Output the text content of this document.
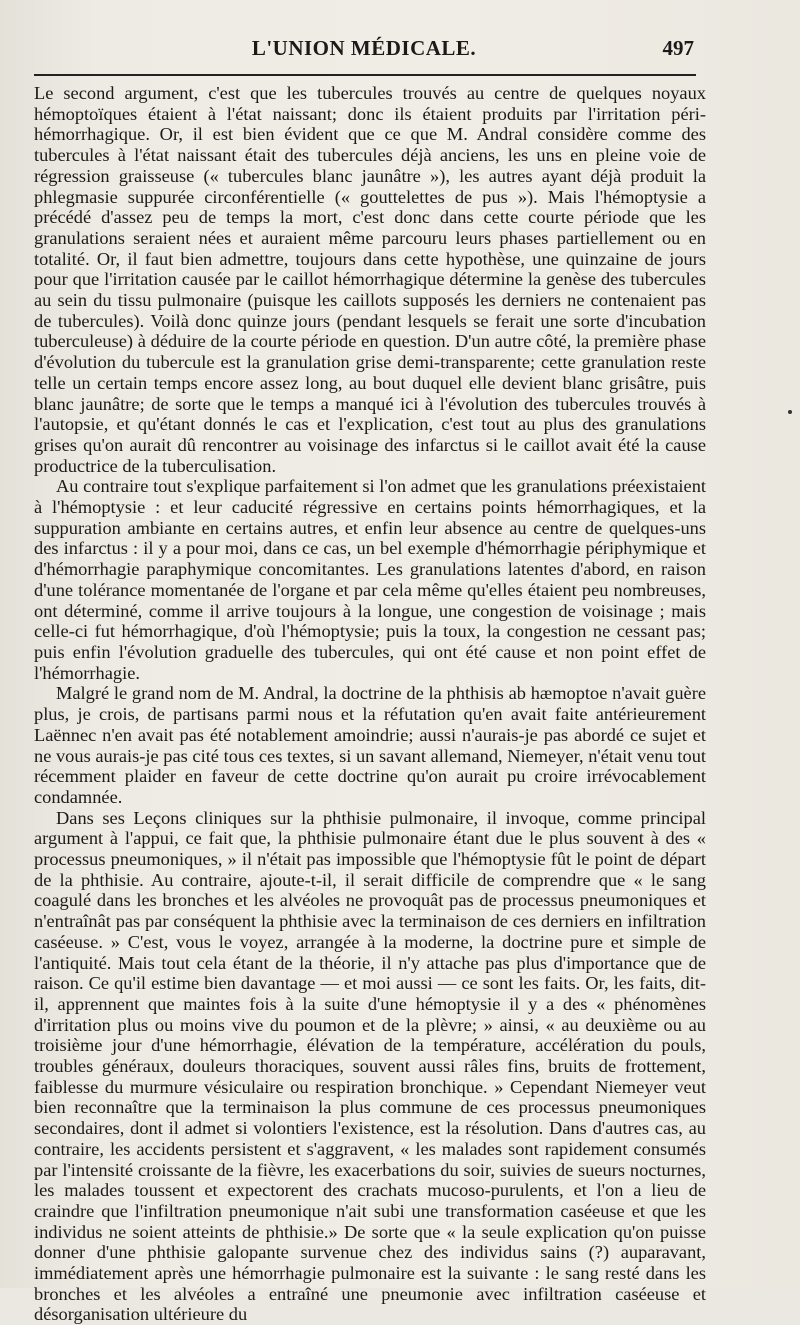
L'UNION MÉDICALE.	497

Le second argument, c'est que les tubercules trouvés au centre de quelques noyaux hémoptoïques étaient à l'état naissant; donc ils étaient produits par l'irritation péri-hémorrhagique. Or, il est bien évident que ce que M. Andral considère comme des tubercules à l'état naissant était des tubercules déjà anciens, les uns en pleine voie de régression graisseuse (« tubercules blanc jaunâtre »), les autres ayant déjà produit la phlegmasie suppurée circonférentielle (« gouttelettes de pus »). Mais l'hémoptysie a précédé d'assez peu de temps la mort, c'est donc dans cette courte période que les granulations seraient nées et auraient même parcouru leurs phases partiellement ou en totalité. Or, il faut bien admettre, toujours dans cette hypothèse, une quinzaine de jours pour que l'irritation causée par le caillot hémorrhagique détermine la genèse des tubercules au sein du tissu pulmonaire (puisque les caillots supposés les derniers ne contenaient pas de tubercules). Voilà donc quinze jours (pendant lesquels se ferait une sorte d'incubation tuberculeuse) à déduire de la courte période en question. D'un autre côté, la première phase d'évolution du tubercule est la granulation grise demi-transparente; cette granulation reste telle un certain temps encore assez long, au bout duquel elle devient blanc grisâtre, puis blanc jaunâtre; de sorte que le temps a manqué ici à l'évolution des tubercules trouvés à l'autopsie, et qu'étant donnés le cas et l'explication, c'est tout au plus des granulations grises qu'on aurait dû rencontrer au voisinage des infarctus si le caillot avait été la cause productrice de la tuberculisation.

Au contraire tout s'explique parfaitement si l'on admet que les granulations préexistaient à l'hémoptysie : et leur caducité régressive en certains points hémorrhagiques, et la suppuration ambiante en certains autres, et enfin leur absence au centre de quelques-uns des infarctus : il y a pour moi, dans ce cas, un bel exemple d'hémorrhagie périphymique et d'hémorrhagie paraphymique concomitantes. Les granulations latentes d'abord, en raison d'une tolérance momentanée de l'organe et par cela même qu'elles étaient peu nombreuses, ont déterminé, comme il arrive toujours à la longue, une congestion de voisinage ; mais celle-ci fut hémorrhagique, d'où l'hémoptysie; puis la toux, la congestion ne cessant pas; puis enfin l'évolution graduelle des tubercules, qui ont été cause et non point effet de l'hémorrhagie.

Malgré le grand nom de M. Andral, la doctrine de la phthisis ab hæmoptoe n'avait guère plus, je crois, de partisans parmi nous et la réfutation qu'en avait faite antérieurement Laënnec n'en avait pas été notablement amoindrie; aussi n'aurais-je pas abordé ce sujet et ne vous aurais-je pas cité tous ces textes, si un savant allemand, Niemeyer, n'était venu tout récemment plaider en faveur de cette doctrine qu'on aurait pu croire irrévocablement condamnée.

Dans ses Leçons cliniques sur la phthisie pulmonaire, il invoque, comme principal argument à l'appui, ce fait que, la phthisie pulmonaire étant due le plus souvent à des « processus pneumoniques, » il n'était pas impossible que l'hémoptysie fût le point de départ de la phthisie. Au contraire, ajoute-t-il, il serait difficile de comprendre que « le sang coagulé dans les bronches et les alvéoles ne provoquât pas de processus pneumoniques et n'entraînât pas par conséquent la phthisie avec la terminaison de ces derniers en infiltration caséeuse. » C'est, vous le voyez, arrangée à la moderne, la doctrine pure et simple de l'antiquité. Mais tout cela étant de la théorie, il n'y attache pas plus d'importance que de raison. Ce qu'il estime bien davantage — et moi aussi — ce sont les faits. Or, les faits, dit-il, apprennent que maintes fois à la suite d'une hémoptysie il y a des « phénomènes d'irritation plus ou moins vive du poumon et de la plèvre; » ainsi, « au deuxième ou au troisième jour d'une hémorrhagie, élévation de la température, accélération du pouls, troubles généraux, douleurs thoraciques, souvent aussi râles fins, bruits de frottement, faiblesse du murmure vésiculaire ou respiration bronchique. » Cependant Niemeyer veut bien reconnaître que la terminaison la plus commune de ces processus pneumoniques secondaires, dont il admet si volontiers l'existence, est la résolution. Dans d'autres cas, au contraire, les accidents persistent et s'aggravent, « les malades sont rapidement consumés par l'intensité croissante de la fièvre, les exacerbations du soir, suivies de sueurs nocturnes, les malades toussent et expectorent des crachats mucoso-purulents, et l'on a lieu de craindre que l'infiltration pneumonique n'ait subi une transformation caséeuse et que les individus ne soient atteints de phthisie.» De sorte que « la seule explication qu'on puisse donner d'une phthisie galopante survenue chez des individus sains (?) auparavant, immédiatement après une hémorrhagie pulmonaire est la suivante : le sang resté dans les bronches et les alvéoles a entraîné une pneumonie avec infiltration caséeuse et désorganisation ultérieure du
